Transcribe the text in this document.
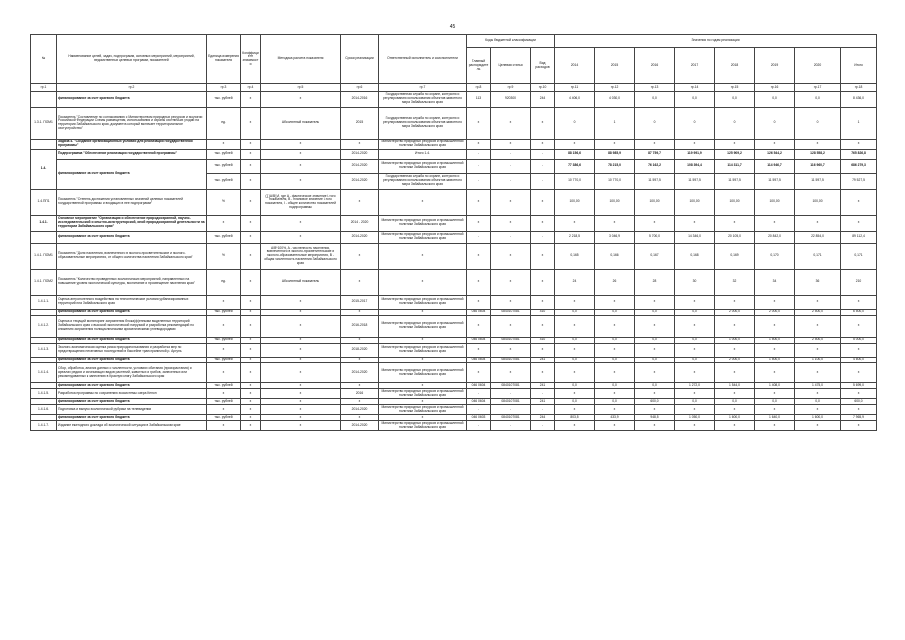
45
№	Наименование целей, задач, подпрограмм, основных мероприятий, мероприятий, ведомственных целевых программ, показателей	Единица измерения показателя	Коэффициент значимости	Методика расчета показателя	Сроки реализации	Ответственный исполнитель и соисполнители	Коды бюджетной классификации			Значения по годам реализации							
							Главный распорядитель	Целевая статья	Вид расходов	2014	2015	2016	2017	2018	2019	2020	Итого
гр.1	гр.2	гр.3	гр.4	гр.5	гр.6	гр.7	гр.8	гр.9	гр.10	гр.11	гр.12	гр.13	гр.14	гр.15	гр.16	гр.17	гр.18
	финансирование за счет краевого бюджета	тыс. рублей	х	х	2014-2016	Государственная служба по охране, контролю и регулированию использования объектов животного мира Забайкальского края	113	920300	244	4 406,0	4 030,0	0,0	0,0	0,0	0,0	0,0	8 436,0
1.3.1. ПОМ1	Показатель "Составление по согласованию с Министерством природных ресурсов и экологии Российской Федерации Схемы размещения, использования и охраны охотничьих угодий на территории Забайкальского края, документа который включает территориальное охотустройство"	ед.	х	Абсолютный показатель	2015	Государственная служба по охране, контролю и регулированию использования объектов животного мира Забайкальского края	х	х	х	0	1	0	0	0	0	0	1
	Задача 4. "Создание организационных условий для реализации государственной программы"	х	х	х	х	Министерство природных ресурсов и промышленной политики Забайкальского края	х	х	х	х	х	х	х	х	х	х	х
1.4.	Подпрограмма "Обеспечение реализации государственной программы"	тыс. рублей	х	х	2014-2020	Итого 1.4.	-	-	-	88 156,6	88 985,9	87 759,7	119 991,9	125 909,2	126 544,2	128 558,2	765 826,8
	финансирование за счет краевого бюджета	тыс. рублей	х	х	2014-2020	Министерство природных ресурсов и промышленной политики Забайкальского края	-	-	-	77 386,6	78 215,0	76 162,2	108 394,4	114 311,7	114 946,7	116 960,7	686 279,3
		тыс. рублей	х	х	2014-2020	Государственная служба по охране, контролю и регулированию использования объектов животного мира Забайкальского края	-	-	-	10 770,0	10 770,0	11 597,5	11 597,5	11 597,5	11 597,5	11 597,5	79 527,5
1.4.ПП1	Показатель "Степень достижения установленных значений целевых показателей государственной программы и входящих в нее подпрограмм"	%	х	(∑(A/B))/I, где A - фактическое значение i-того показателя, B - плановое значение i-того показателя, I - общее количество показателей подпрограммы	х	х	х	х	х	100,00	100,00	100,00	100,00	100,00	100,00	100,00	х
1.4.1.	Основное мероприятие "Организация и обеспечение природоохранной, научно-исследовательской и опытно-конструкторской, иной природоохранной деятельности на территории Забайкальского края"	х	х	х	2014 - 2020	Министерство природных ресурсов и промышленной политики Забайкальского края	х	х	х	х	х	х	х	х	х	х	х
	финансирование за счет краевого бюджета	тыс. рублей	х	х	2014-2020	Министерство природных ресурсов и промышленной политики Забайкальского края	-	-	-	2 218,5	3 046,9	5 700,0	14 346,0	20 105,0	20 842,0	22 854,0	89 112,4
1.4.1. ПОМ1	Показатель "Доля населения, вовлеченного в эколого-просветительские и эколого-образовательные мероприятия, от общего количества населения Забайкальского края"	%	х	A/B*100%, A - численность населения, вовлеченного в эколого-просветительские и эколого-образовательные мероприятия, B - общая численность населения Забайкальского края	х	х	х	х	х	0,165	0,166	0,167	0,168	0,169	0,170	0,171	0,171
1.4.1. ПОМ2	Показатель "Количество проведенных экологических мероприятий, направленных на повышение уровня экологической культуры, воспитание и просвещение населения края"	ед.	х	Абсолютный показатель	х	х	х	х	х	24	26	28	30	32	34	36	210
1.4.1.1.	Оценка антропогенного воздействия на техногенические условия урбанизированных территорий юга Забайкальского края	х	х	х	2015-2017	Министерство природных ресурсов и промышленной политики Забайкальского края	х	х	х	х	х	х	х	х	х	х	х
	финансирование за счет краевого бюджета	тыс. рублей	х	х	х	х	046 0604	0840107081	410	0,0	0,0	0,0	0,0	2 000,0	2 000,0	2 500,0	6 500,0
1.4.1.2.	Оценка и текущий мониторинг загрязнения блока(ф)енными выделенных территорий Забайкальского края с высокой экологической нагрузкой и разработка рекомендаций по снижению загрязнения полициклическими ароматическими углеводородами	х	х	х	2016-2018	Министерство природных ресурсов и промышленной политики Забайкальского края	х	х	х	х	х	х	х	х	х	х	х
	финансирование за счет краевого бюджета	тыс. рублей	х	х	х	х	046 0604	0840107081	410	0,0	0,0	0,0	0,0	1 000,0	1 500,0	2 500,0	5 000,0
1.4.1.3.	Эколого-экономическая оценка риска природопользования и разработка мер по предотвращению негативных последствий в бассейне трансграничной р. Аргунь	х	х	х	2018-2020	Министерство природных ресурсов и промышленной политики Забайкальского края	х	х	х	х	х	х	х	х	х	х	х
	финансирование за счет краевого бюджета	тыс. рублей	х	х	х	х	046 0604	0840107081	241	0,0	0,0	0,0	0,0	2 000,0	1 500,0	1 100,0	4 600,0
1.4.1.4.	Сбор, обработка, анализ данных о численности, условиях обитания (произрастания) и ареалах редких и исчезающих видов растений, животных и грибов, занесенных или рекомендованных к занесению в Красную книгу Забайкальского края	х	х	х	2014-2020	Министерство природных ресурсов и промышленной политики Забайкальского края	х	х	х	х	х	х	х	х	х	х	х
	финансирование за счет краевого бюджета	тыс. рублей	х	х	х	х	046 0604	0840107081	241	0,0	0,0	0,0	1 272,0	1 544,0	1 408,0	1 475,0	5 699,0
1.4.1.5.	Разработка программы по сохранению экосистемы озера Кенон	х	х	х	2016	Министерство природных ресурсов и промышленной политики Забайкальского края	-	-	-	х	х	х	х	х	х	х	х
	финансирование за счет краевого бюджета	тыс. рублей	х	х	х	х	046 0604	0840107081	241	0,0	0,0	600,0	0,0	0,0	0,0	0,0	600,0
1.4.1.6.	Подготовка и выпуск экологической рубрики на телевидении	х	х	х	2014-2020	Министерство природных ресурсов и промышленной политики Забайкальского края	-	-	-	х	х	х	х	х	х	х	х
	финансирование за счет краевого бюджета	тыс. рублей	х	х	х	х	046 0603	0840107081	244	803,5	433,9	948,5	1 050,0	1 600,0	1 640,0	1 600,0	7 965,9
1.4.1.7.	Издание ежегодного доклада об экологической ситуации в Забайкальском крае	х	х	х	2014-2020	Министерство природных ресурсов и промышленной политики Забайкальского края	-	-	-	х	х	х	х	х	х	х	х
